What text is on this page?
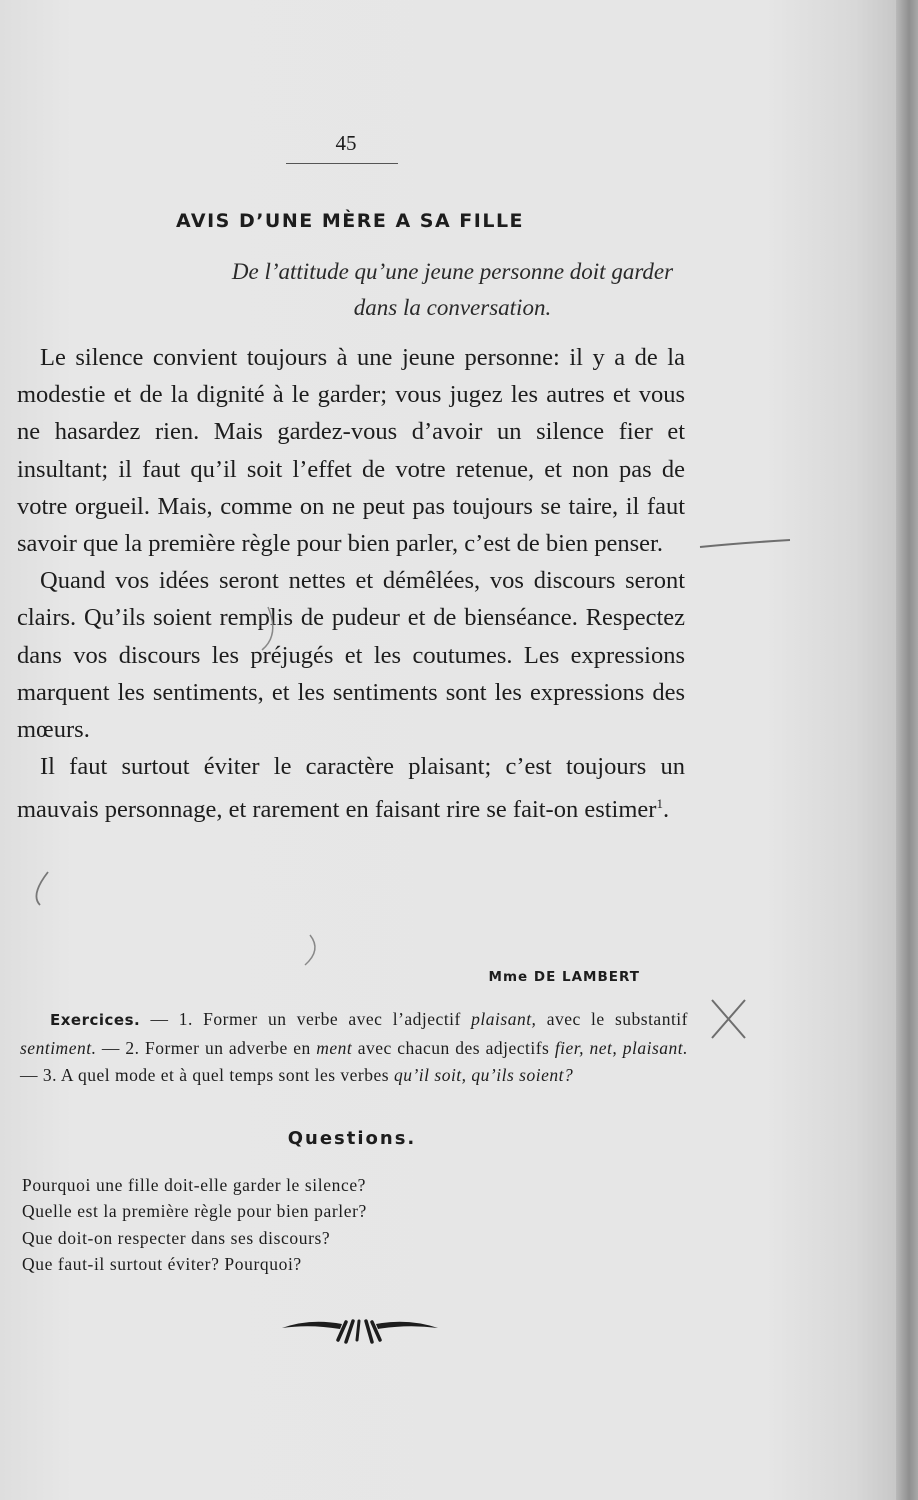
45
AVIS D’UNE MÈRE A SA FILLE
De l’attitude qu’une jeune personne doit garder
dans la conversation.

Le silence convient toujours à une jeune personne: il y a de la modestie et de la dignité à le garder; vous jugez les autres et vous ne hasardez rien. Mais gardez-vous d’avoir un silence fier et insultant; il faut qu’il soit l’effet de votre retenue, et non pas de votre orgueil. Mais, comme on ne peut pas toujours se taire, il faut savoir que la première règle pour bien parler, c’est de bien penser.

Quand vos idées seront nettes et démêlées, vos discours seront clairs. Qu’ils soient remplis de pudeur et de bienséance. Respectez dans vos discours les préjugés et les coutumes. Les expressions marquent les sentiments, et les sentiments sont les expressions des mœurs.

Il faut surtout éviter le caractère plaisant; c’est toujours un mauvais personnage, et rarement en faisant rire se fait-on estimer$^1$.

Mme DE LAMBERT

Exercices. — 1. Former un verbe avec l’adjectif plaisant, avec le substantif sentiment. — 2. Former un adverbe en ment avec chacun des adjectifs fier, net, plaisant. — 3. A quel mode et à quel temps sont les verbes qu’il soit, qu’ils soient?

Questions.
Pourquoi une fille doit-elle garder le silence?
Quelle est la première règle pour bien parler?
Que doit-on respecter dans ses discours?
Que faut-il surtout éviter? Pourquoi?
